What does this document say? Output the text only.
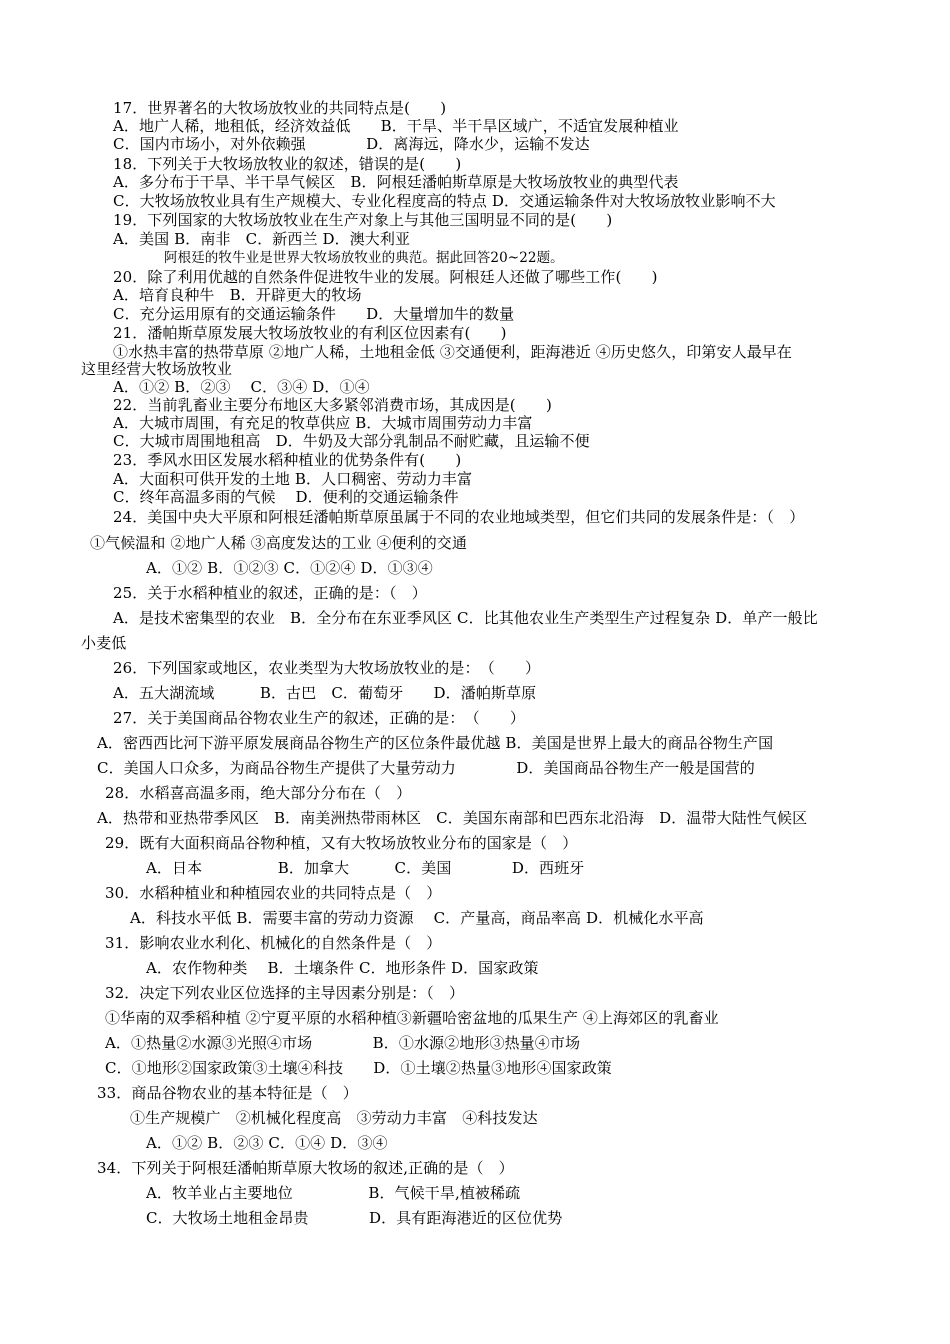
17．世界著名的大牧场放牧业的共同特点是(　　)
A．地广人稀，地租低，经济效益低　　B．干旱、半干旱区域广，不适宜发展种植业
C．国内市场小，对外依赖强　　　　D．离海远，降水少，运输不发达
18．下列关于大牧场放牧业的叙述，错误的是(　　)
A．多分布于干旱、半干旱气候区　B．阿根廷潘帕斯草原是大牧场放牧业的典型代表
C．大牧场放牧业具有生产规模大、专业化程度高的特点 D．交通运输条件对大牧场放牧业影响不大
19．下列国家的大牧场放牧业在生产对象上与其他三国明显不同的是(　　)
A．美国 B．南非　C．新西兰 D．澳大利亚
阿根廷的牧牛业是世界大牧场放牧业的典范。据此回答20~22题。
20．除了利用优越的自然条件促进牧牛业的发展。阿根廷人还做了哪些工作(　　)
A．培育良种牛　B．开辟更大的牧场
C．充分运用原有的交通运输条件　　D．大量增加牛的数量
21．潘帕斯草原发展大牧场放牧业的有利区位因素有(　　)
①水热丰富的热带草原 ②地广人稀，土地租金低 ③交通便利，距海港近 ④历史悠久，印第安人最早在
这里经营大牧场放牧业
A．①② B．②③　 C．③④ D．①④
22．当前乳畜业主要分布地区大多紧邻消费市场，其成因是(　　)
A．大城市周围，有充足的牧草供应 B．大城市周围劳动力丰富
C．大城市周围地租高　D．牛奶及大部分乳制品不耐贮藏，且运输不便
23．季风水田区发展水稻种植业的优势条件有(　　)
A．大面积可供开发的土地 B．人口稠密、劳动力丰富
C．终年高温多雨的气候　 D．便利的交通运输条件
24．美国中央大平原和阿根廷潘帕斯草原虽属于不同的农业地域类型，但它们共同的发展条件是：（　）
①气候温和 ②地广人稀 ③高度发达的工业 ④便利的交通
A．①② B．①②③ C．①②④ D．①③④
25．关于水稻种植业的叙述，正确的是：（　）
A．是技术密集型的农业　B．全分布在东亚季风区 C．比其他农业生产类型生产过程复杂 D．单产一般比
小麦低
26．下列国家或地区，农业类型为大牧场放牧业的是：　（　　）
A．五大湖流域　　　B．古巴　C．葡萄牙　　D．潘帕斯草原
27．关于美国商品谷物农业生产的叙述，正确的是：　（　　）
A．密西西比河下游平原发展商品谷物生产的区位条件最优越 B．美国是世界上最大的商品谷物生产国
C．美国人口众多，为商品谷物生产提供了大量劳动力　　　　D．美国商品谷物生产一般是国营的
28．水稻喜高温多雨，绝大部分分布在（　）
A．热带和亚热带季风区　B．南美洲热带雨林区　C．美国东南部和巴西东北沿海　D．温带大陆性气候区
29．既有大面积商品谷物种植，又有大牧场放牧业分布的国家是（　）
A．日本　　　　　B．加拿大　　　C．美国　　　　D．西班牙
30．水稻种植业和种植园农业的共同特点是（　）
A．科技水平低 B．需要丰富的劳动力资源　 C．产量高，商品率高 D．机械化水平高
31．影响农业水利化、机械化的自然条件是（　）
A．农作物种类　 B．土壤条件 C．地形条件 D．国家政策
32．决定下列农业区位选择的主导因素分别是：（　）
①华南的双季稻种植 ②宁夏平原的水稻种植③新疆哈密盆地的瓜果生产 ④上海郊区的乳畜业
A．①热量②水源③光照④市场　　　　B．①水源②地形③热量④市场
C．①地形②国家政策③土壤④科技　　D．①土壤②热量③地形④国家政策
33．商品谷物农业的基本特征是（　）
①生产规模广　②机械化程度高　③劳动力丰富　④科技发达
A．①② B．②③ C．①④ D．③④
34．下列关于阿根廷潘帕斯草原大牧场的叙述,正确的是（　）
A．牧羊业占主要地位　　　　　B．气候干旱,植被稀疏
C．大牧场土地租金昂贵　　　　D．具有距海港近的区位优势
